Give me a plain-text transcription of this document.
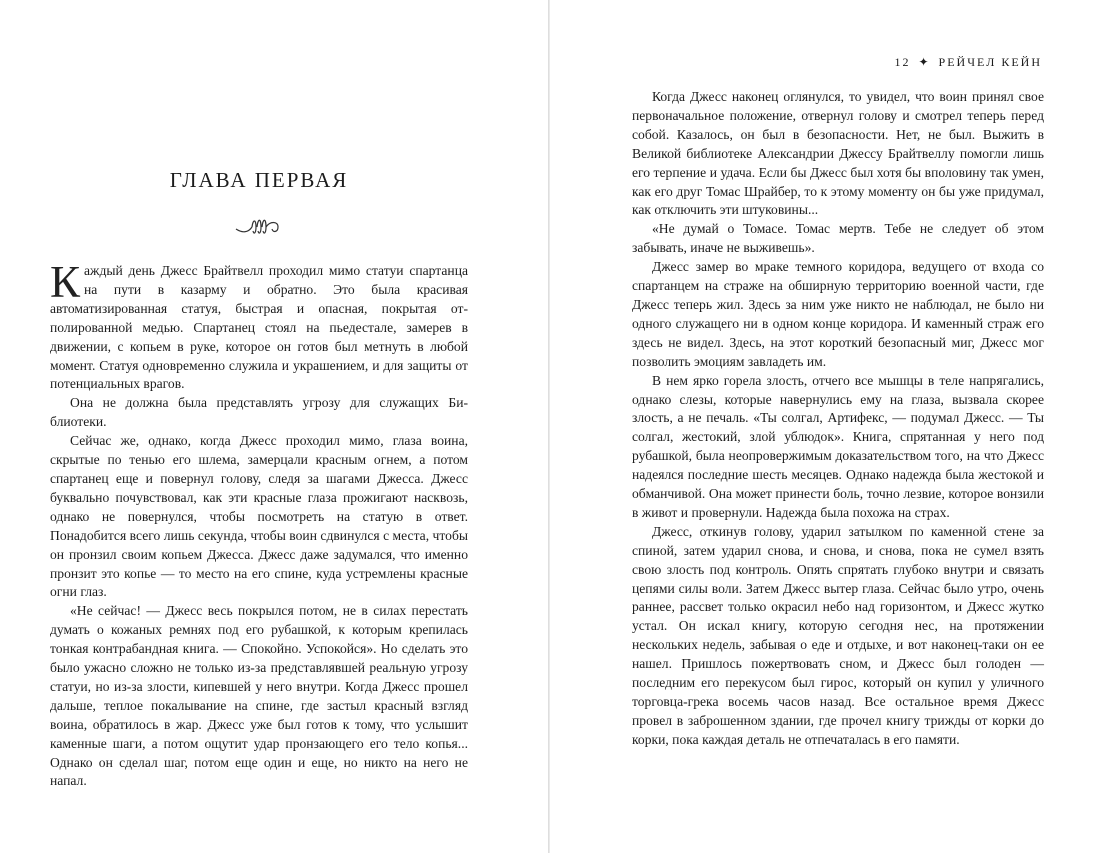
ГЛАВА ПЕРВАЯ

Каждый день Джесс Брайтвелл проходил мимо статуи спартанца на пути в казарму и обратно. Это была красивая автоматизированная статуя, быстрая и опасная, покрытая отполированной медью. Спартанец стоял на пьедестале, замерев в движении, с копьем в руке, которое он готов был метнуть в любой момент. Статуя одновременно служила и украшением, и для защиты от потенциальных врагов.

Она не должна была представлять угрозу для служащих Библиотеки.

Сейчас же, однако, когда Джесс проходил мимо, глаза воина, скрытые по тенью его шлема, замерцали красным огнем, а потом спартанец еще и повернул голову, следя за шагами Джесса. Джесс буквально почувствовал, как эти красные глаза прожигают насквозь, однако не повернулся, чтобы посмотреть на статую в ответ. Понадобится всего лишь секунда, чтобы воин сдвинулся с места, чтобы он пронзил своим копьем Джесса. Джесс даже задумался, что именно пронзит это копье — то место на его спине, куда устремлены красные огни глаз.

«Не сейчас! — Джесс весь покрылся потом, не в силах перестать думать о кожаных ремнях под его рубашкой, к которым крепилась тонкая контрабандная книга. — Спокойно. Успокойся». Но сделать это было ужасно сложно не только из-за представлявшей реальную угрозу статуи, но из-за злости, кипевшей у него внутри. Когда Джесс прошел дальше, теплое покалывание на спине, где застыл красный взгляд воина, обратилось в жар. Джесс уже был готов к тому, что услышит каменные шаги, а потом ощутит удар пронзающего его тело копья... Однако он сделал шаг, потом еще один и еще, но никто на него не напал.

12 ✦ РЕЙЧЕЛ КЕЙН

Когда Джесс наконец оглянулся, то увидел, что воин принял свое первоначальное положение, отвернул голову и смотрел теперь перед собой. Казалось, он был в безопасности. Нет, не был. Выжить в Великой библиотеке Александрии Джессу Брайтвеллу помогли лишь его терпение и удача. Если бы Джесс был хотя бы вполовину так умен, как его друг Томас Шрайбер, то к этому моменту он бы уже придумал, как отключить эти штуковины...

«Не думай о Томасе. Томас мертв. Тебе не следует об этом забывать, иначе не выживешь».

Джесс замер во мраке темного коридора, ведущего от входа со спартанцем на страже на обширную территорию военной части, где Джесс теперь жил. Здесь за ним уже никто не наблюдал, не было ни одного служащего ни в одном конце коридора. И каменный страж его здесь не видел. Здесь, на этот короткий безопасный миг, Джесс мог позволить эмоциям завладеть им.

В нем ярко горела злость, отчего все мышцы в теле напрягались, однако слезы, которые навернулись ему на глаза, вызвала скорее злость, а не печаль. «Ты солгал, Артифекс, — подумал Джесс. — Ты солгал, жестокий, злой ублюдок». Книга, спрятанная у него под рубашкой, была неопровержимым доказательством того, на что Джесс надеялся последние шесть месяцев. Однако надежда была жестокой и обманчивой. Она может принести боль, точно лезвие, которое вонзили в живот и провернули. Надежда была похожа на страх.

Джесс, откинув голову, ударил затылком по каменной стене за спиной, затем ударил снова, и снова, и снова, пока не сумел взять свою злость под контроль. Опять спрятать глубоко внутри и связать цепями силы воли. Затем Джесс вытер глаза. Сейчас было утро, очень раннее, рассвет только окрасил небо над горизонтом, и Джесс жутко устал. Он искал книгу, которую сегодня нес, на протяжении нескольких недель, забывая о еде и отдыхе, и вот наконец-таки он ее нашел. Пришлось пожертвовать сном, и Джесс был голоден — последним его перекусом был гирос, который он купил у уличного торговца-грека восемь часов назад. Все остальное время Джесс провел в заброшенном здании, где прочел книгу трижды от корки до корки, пока каждая деталь не отпечаталась в его памяти.
